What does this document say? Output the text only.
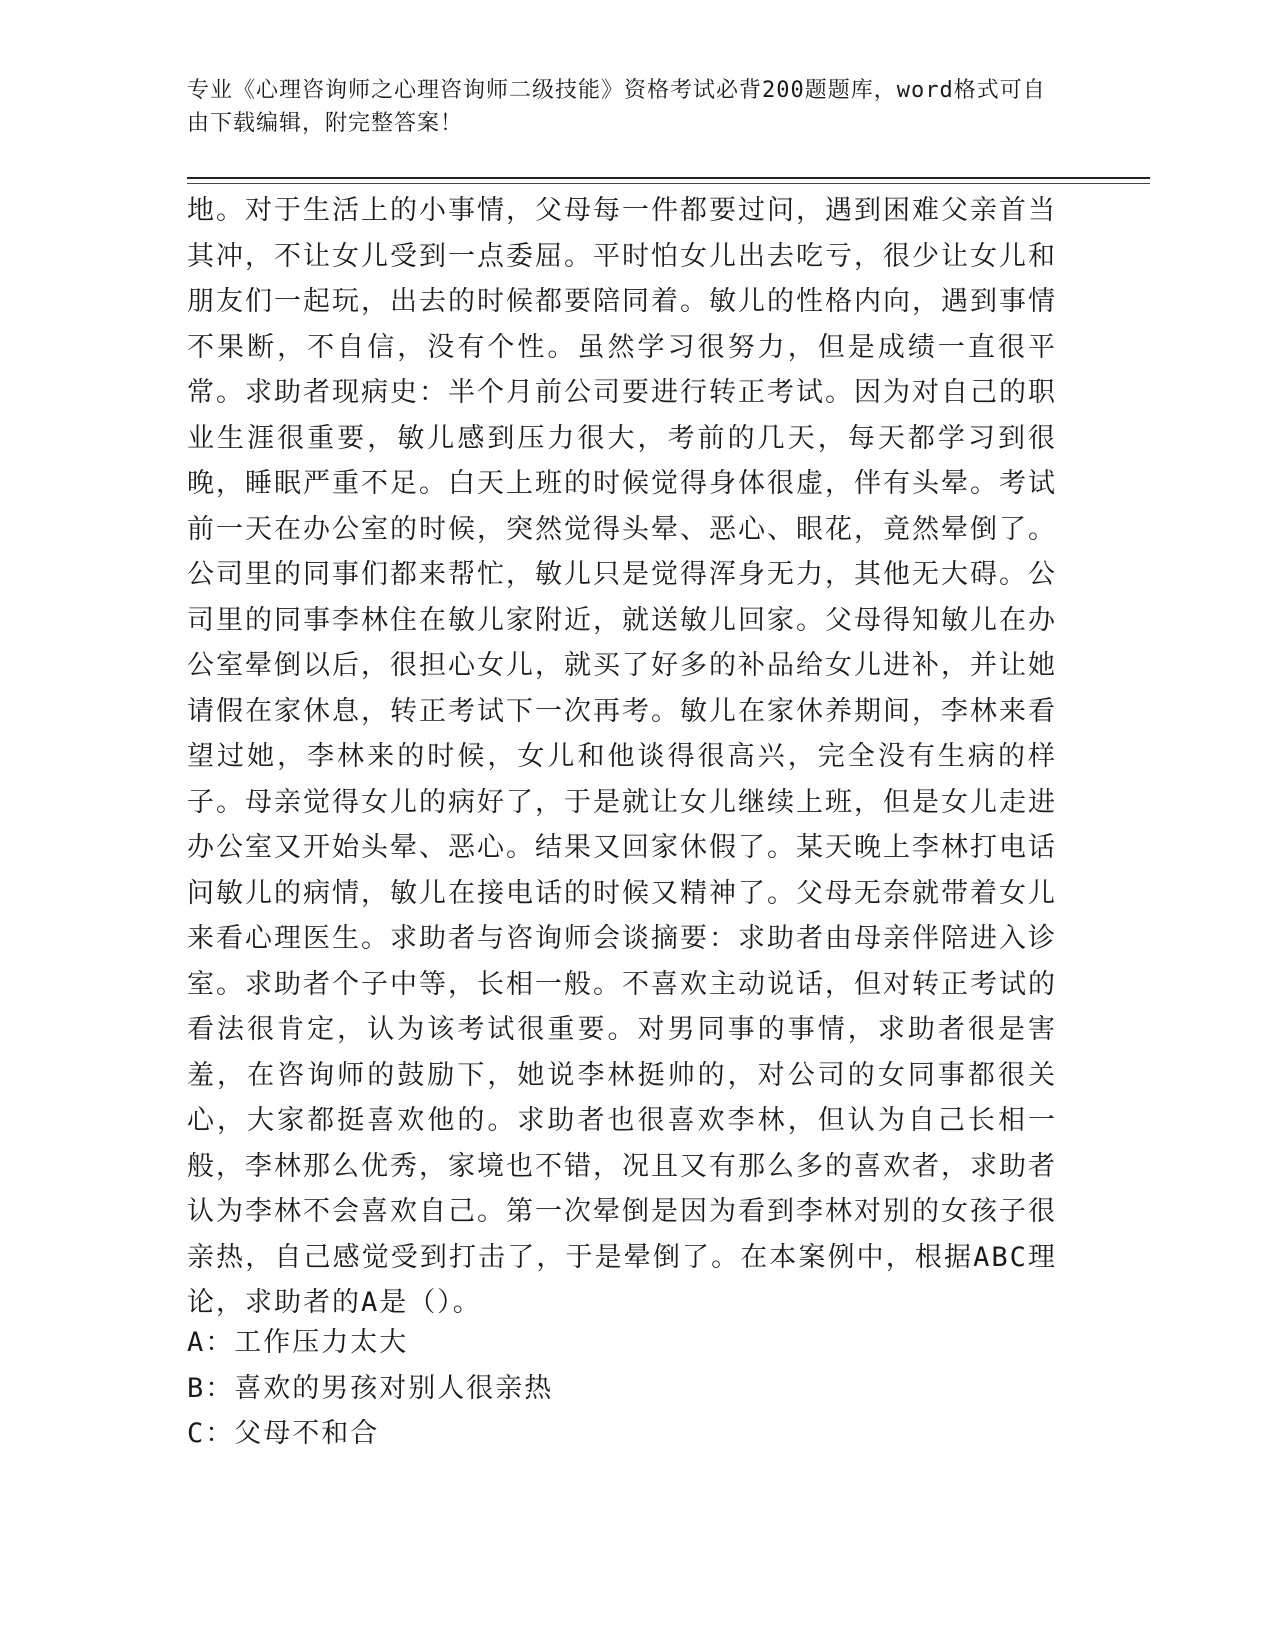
专业《心理咨询师之心理咨询师二级技能》资格考试必背200题题库，word格式可自由下载编辑，附完整答案！
地。对于生活上的小事情，父母每一件都要过问，遇到困难父亲首当其冲，不让女儿受到一点委屈。平时怕女儿出去吃亏，很少让女儿和朋友们一起玩，出去的时候都要陪同着。敏儿的性格内向，遇到事情不果断，不自信，没有个性。虽然学习很努力，但是成绩一直很平常。求助者现病史：半个月前公司要进行转正考试。因为对自己的职业生涯很重要，敏儿感到压力很大，考前的几天，每天都学习到很晚，睡眠严重不足。白天上班的时候觉得身体很虚，伴有头晕。考试前一天在办公室的时候，突然觉得头晕、恶心、眼花，竟然晕倒了。公司里的同事们都来帮忙，敏儿只是觉得浑身无力，其他无大碍。公司里的同事李林住在敏儿家附近，就送敏儿回家。父母得知敏儿在办公室晕倒以后，很担心女儿，就买了好多的补品给女儿进补，并让她请假在家休息，转正考试下一次再考。敏儿在家休养期间，李林来看望过她，李林来的时候，女儿和他谈得很高兴，完全没有生病的样子。母亲觉得女儿的病好了，于是就让女儿继续上班，但是女儿走进办公室又开始头晕、恶心。结果又回家休假了。某天晚上李林打电话问敏儿的病情，敏儿在接电话的时候又精神了。父母无奈就带着女儿来看心理医生。求助者与咨询师会谈摘要：求助者由母亲伴陪进入诊室。求助者个子中等，长相一般。不喜欢主动说话，但对转正考试的看法很肯定，认为该考试很重要。对男同事的事情，求助者很是害羞，在咨询师的鼓励下，她说李林挺帅的，对公司的女同事都很关心，大家都挺喜欢他的。求助者也很喜欢李林，但认为自己长相一般，李林那么优秀，家境也不错，况且又有那么多的喜欢者，求助者认为李林不会喜欢自己。第一次晕倒是因为看到李林对别的女孩子很亲热，自己感觉受到打击了，于是晕倒了。在本案例中，根据ABC理论，求助者的A是（）。
A：工作压力太大
B：喜欢的男孩对别人很亲热
C：父母不和合
